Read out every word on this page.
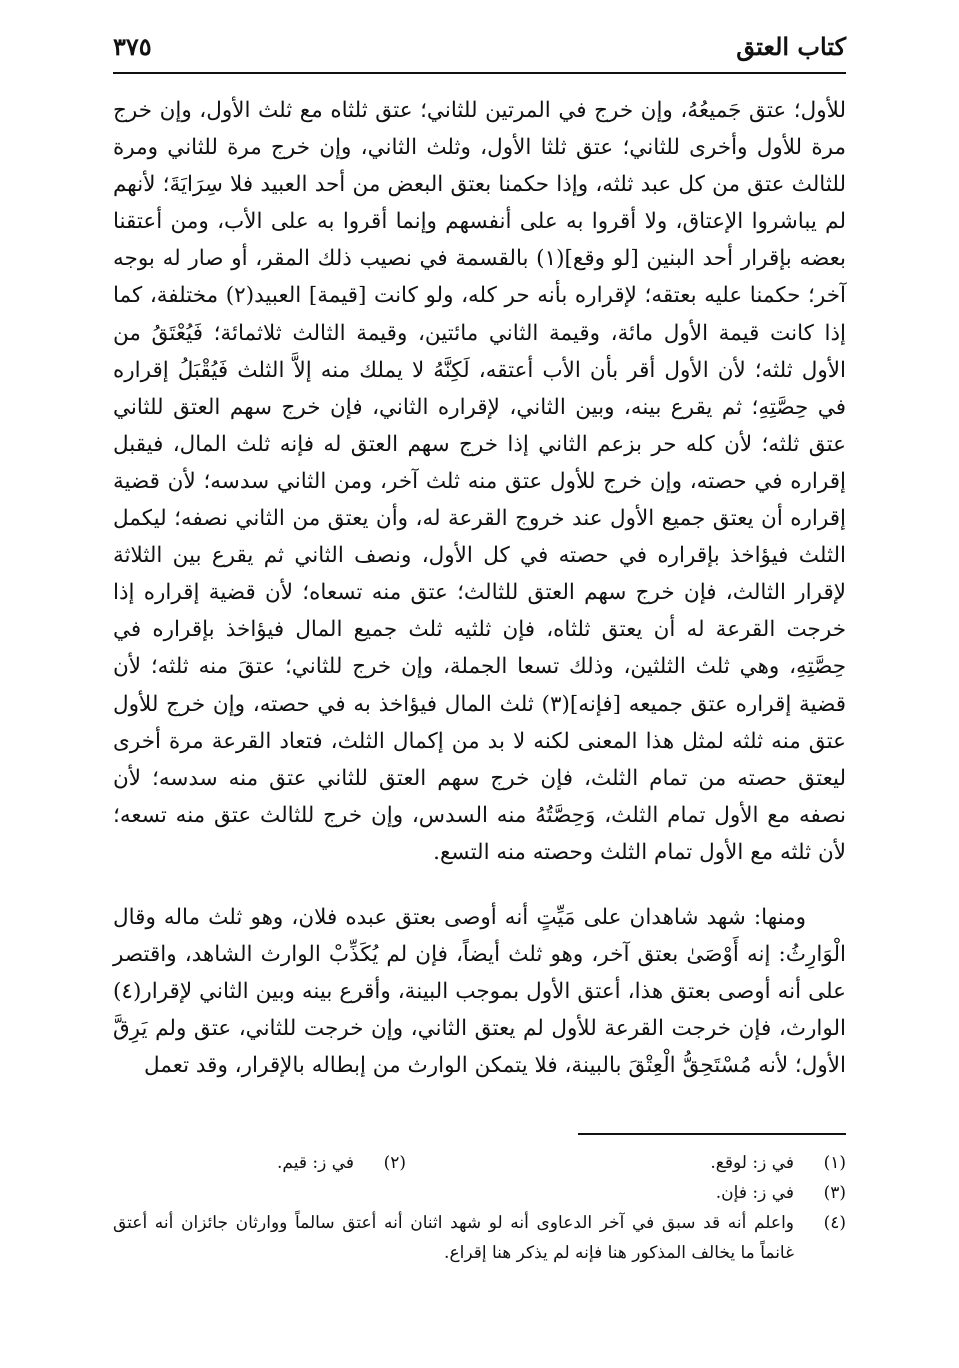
كتاب العتق
٣٧٥

للأول؛ عتق جَميعُهُ، وإن خرج في المرتين للثاني؛ عتق ثلثاه مع ثلث الأول، وإن خرج مرة للأول وأخرى للثاني؛ عتق ثلثا الأول، وثلث الثاني، وإن خرج مرة للثاني ومرة للثالث عتق من كل عبد ثلثه، وإذا حكمنا بعتق البعض من أحد العبيد فلا سِرَايَةَ؛ لأنهم لم يباشروا الإعتاق، ولا أقروا به على أنفسهم وإنما أقروا به على الأب، ومن أعتقنا بعضه بإقرار أحد البنين [لو وقع](١) بالقسمة في نصيب ذلك المقر، أو صار له بوجه آخر؛ حكمنا عليه بعتقه؛ لإقراره بأنه حر كله، ولو كانت [قيمة] العبيد(٢) مختلفة، كما إذا كانت قيمة الأول مائة، وقيمة الثاني مائتين، وقيمة الثالث ثلاثمائة؛ فَيُعْتَقُ من الأول ثلثه؛ لأن الأول أقر بأن الأب أعتقه، لَكِنَّهُ لا يملك منه إلاَّ الثلث فَيُقْبَلُ إقراره في حِصَّتِهِ؛ ثم يقرع بينه، وبين الثاني، لإقراره الثاني، فإن خرج سهم العتق للثاني عتق ثلثه؛ لأن كله حر بزعم الثاني إذا خرج سهم العتق له فإنه ثلث المال، فيقبل إقراره في حصته، وإن خرج للأول عتق منه ثلث آخر، ومن الثاني سدسه؛ لأن قضية إقراره أن يعتق جميع الأول عند خروج القرعة له، وأن يعتق من الثاني نصفه؛ ليكمل الثلث فيؤاخذ بإقراره في حصته في كل الأول، ونصف الثاني ثم يقرع بين الثلاثة لإقرار الثالث، فإن خرج سهم العتق للثالث؛ عتق منه تسعاه؛ لأن قضية إقراره إذا خرجت القرعة له أن يعتق ثلثاه، فإن ثلثيه ثلث جميع المال فيؤاخذ بإقراره في حِصَّتِهِ، وهي ثلث الثلثين، وذلك تسعا الجملة، وإن خرج للثاني؛ عتقَ منه ثلثه؛ لأن قضية إقراره عتق جميعه [فإنه](٣) ثلث المال فيؤاخذ به في حصته، وإن خرج للأول عتق منه ثلثه لمثل هذا المعنى لكنه لا بد من إكمال الثلث، فتعاد القرعة مرة أخرى ليعتق حصته من تمام الثلث، فإن خرج سهم العتق للثاني عتق منه سدسه؛ لأن نصفه مع الأول تمام الثلث، وَحِصَّتُهُ منه السدس، وإن خرج للثالث عتق منه تسعه؛ لأن ثلثه مع الأول تمام الثلث وحصته منه التسع.

ومنها: شهد شاهدان على مَيِّتٍ أنه أوصى بعتق عبده فلان، وهو ثلث ماله وقال الْوَارِثُ: إنه أَوْصَىٰ بعتق آخر، وهو ثلث أيضاً، فإن لم يُكَذِّبْ الوارث الشاهد، واقتصر على أنه أوصى بعتق هذا، أعتق الأول بموجب البينة، وأقرع بينه وبين الثاني لإقرار(٤) الوارث، فإن خرجت القرعة للأول لم يعتق الثاني، وإن خرجت للثاني، عتق ولم يَرِقَّ الأول؛ لأنه مُسْتَحِقُّ الْعِتْقَ بالبينة، فلا يتمكن الوارث من إبطاله بالإقرار، وقد تعمل

(١)
في ز: لوقع.
(٢)
في ز: قيم.
(٣)
في ز: فإن.
(٤)
واعلم أنه قد سبق في آخر الدعاوى أنه لو شهد اثنان أنه أعتق سالماً ووارثان جائزان أنه أعتق غانماً ما يخالف المذكور هنا فإنه لم يذكر هنا إقراع.
